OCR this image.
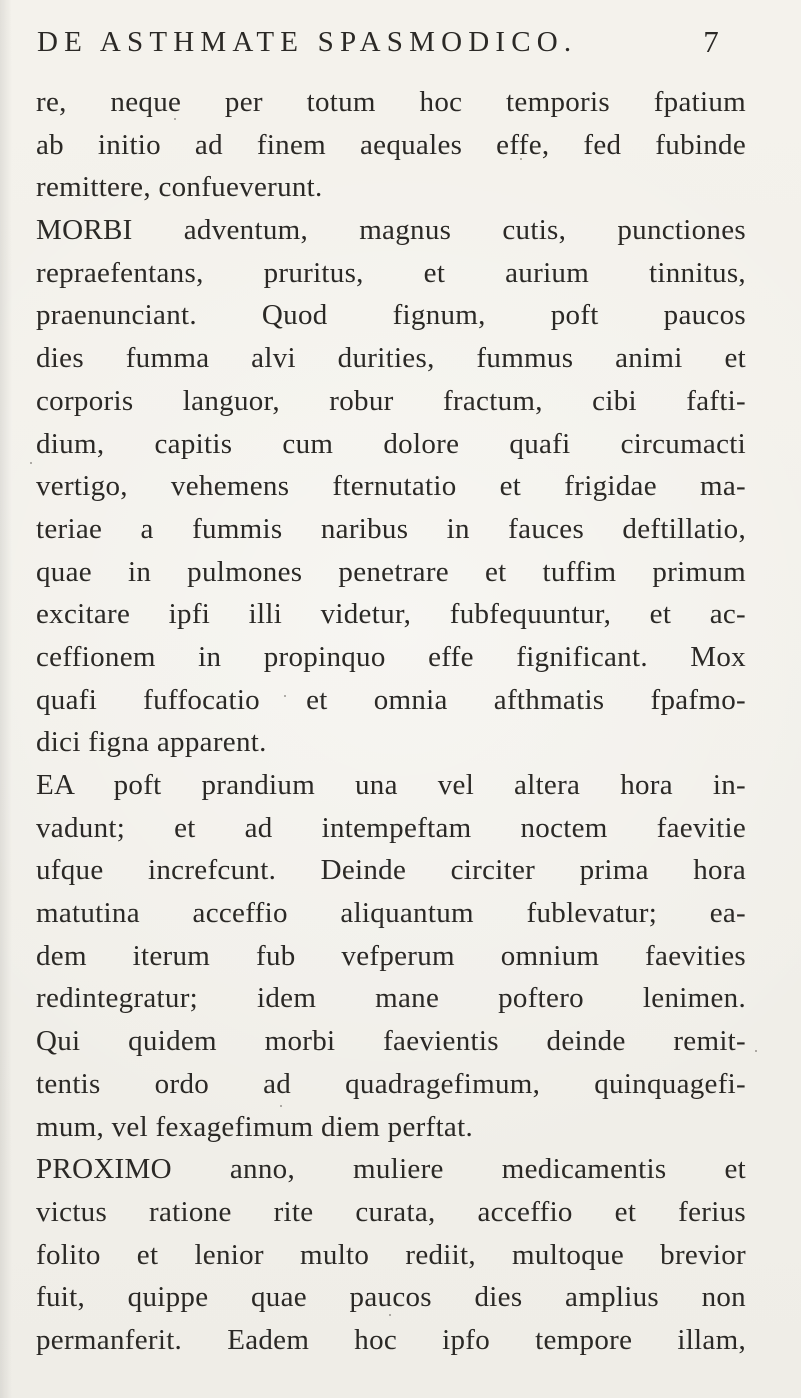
DE ASTHMATE SPASMODICO.	7
re, neque per totum hoc temporis fpatium
ab initio ad finem aequales effe, fed fubinde
remittere, confueverunt.
MORBI adventum, magnus cutis, punctiones
repraefentans, pruritus, et aurium tinnitus,
praenunciant. Quod fignum, poft paucos
dies fumma alvi durities, fummus animi et
corporis languor, robur fractum, cibi fafti-
dium, capitis cum dolore quafi circumacti
vertigo, vehemens fternutatio et frigidae ma-
teriae a fummis naribus in fauces deftillatio,
quae in pulmones penetrare et tuffim primum
excitare ipfi illi videtur, fubfequuntur, et ac-
ceffionem in propinquo effe fignificant. Mox
quafi fuffocatio et omnia afthmatis fpafmo-
dici figna apparent.
EA poft prandium una vel altera hora in-
vadunt; et ad intempeftam noctem faevitie
ufque increfcunt. Deinde circiter prima hora
matutina acceffio aliquantum fublevatur; ea-
dem iterum fub vefperum omnium faevities
redintegratur; idem mane poftero lenimen.
Qui quidem morbi faevientis deinde remit-
tentis ordo ad quadragefimum, quinquagefi-
mum, vel fexagefimum diem perftat.
PROXIMO anno, muliere medicamentis et
victus ratione rite curata, acceffio et ferius
folito et lenior multo rediit, multoque brevior
fuit, quippe quae paucos dies amplius non
permanferit. Eadem hoc ipfo tempore illam,
